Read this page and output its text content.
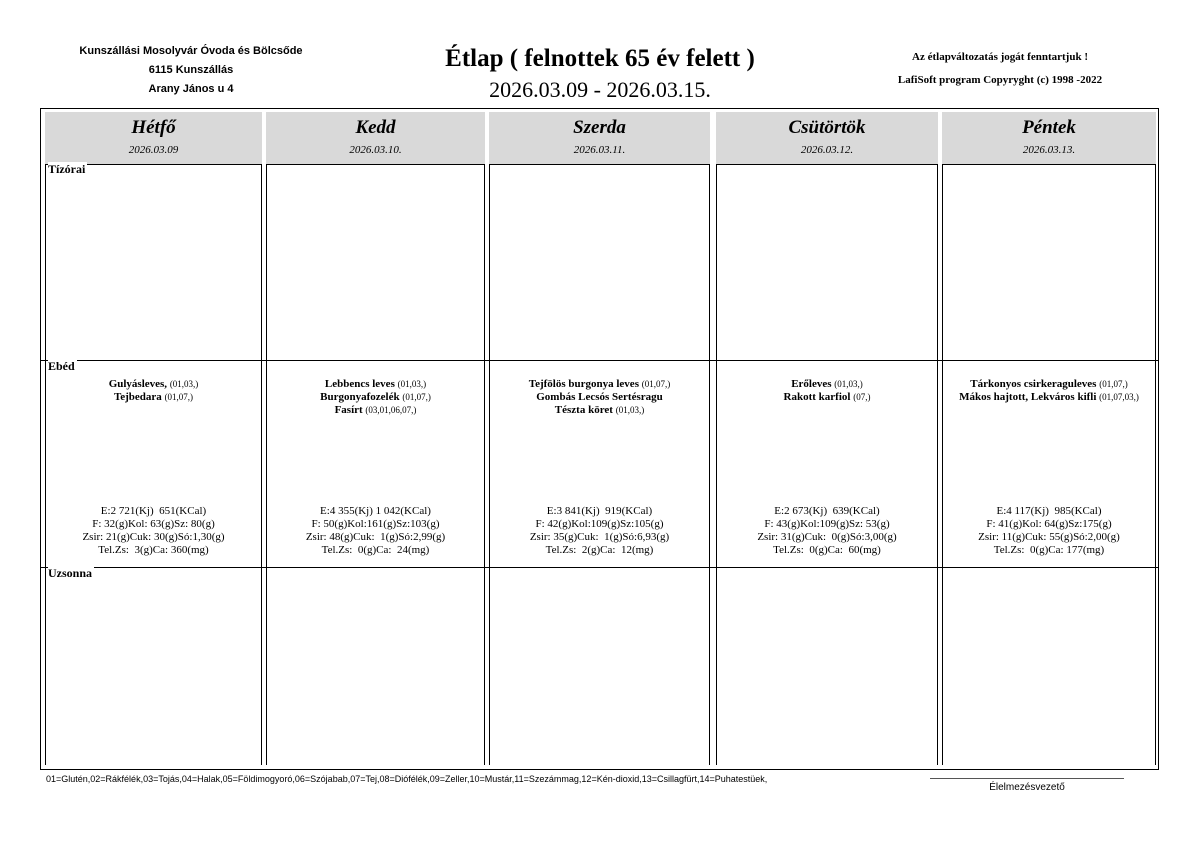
Kunszállási Mosolyvár Óvoda és Bölcsőde
6115 Kunszállás
Arany János u 4
Étlap ( felnottek 65 év felett )
2026.03.09 - 2026.03.15.
Az étlapváltozatás jogát fenntartjuk !
LafiSoft program Copyryght (c) 1998 -2022
Hétfő
2026.03.09
Gulyásleves, (01,03,)
Tejbedara (01,07,)
E:2 721(Kj)  651(KCal)
F: 32(g)Kol: 63(g)Sz: 80(g)
Zsir: 21(g)Cuk: 30(g)Só:1,30(g)
Tel.Zs:  3(g)Ca: 360(mg)
Kedd
2026.03.10.
Lebbencs leves (01,03,)
Burgonyafozelék (01,07,)
Fasírt (03,01,06,07,)
E:4 355(Kj) 1 042(KCal)
F: 50(g)Kol:161(g)Sz:103(g)
Zsir: 48(g)Cuk:  1(g)Só:2,99(g)
Tel.Zs:  0(g)Ca:  24(mg)
Szerda
2026.03.11.
Tejfölös burgonya leves (01,07,)
Gombás Lecsós Sertésragu
Tészta köret (01,03,)
E:3 841(Kj)  919(KCal)
F: 42(g)Kol:109(g)Sz:105(g)
Zsir: 35(g)Cuk:  1(g)Só:6,93(g)
Tel.Zs:  2(g)Ca:  12(mg)
Csütörtök
2026.03.12.
Erőleves (01,03,)
Rakott karfiol (07,)
E:2 673(Kj)  639(KCal)
F: 43(g)Kol:109(g)Sz: 53(g)
Zsir: 31(g)Cuk:  0(g)Só:3,00(g)
Tel.Zs:  0(g)Ca:  60(mg)
Péntek
2026.03.13.
Tárkonyos csirkeraguleves (01,07,)
Mákos hajtott, Lekváros kifli (01,07,03,)
E:4 117(Kj)  985(KCal)
F: 41(g)Kol: 64(g)Sz:175(g)
Zsir: 11(g)Cuk: 55(g)Só:2,00(g)
Tel.Zs:  0(g)Ca: 177(mg)
Tízórai
Ebéd
Uzsonna
01=Glutén,02=Rákfélék,03=Tojás,04=Halak,05=Földimogyoró,06=Szójabab,07=Tej,08=Diófélék,09=Zeller,10=Mustár,11=Szezámmag,12=Kén-dioxid,13=Csillagfürt,14=Puhatestüek,
Élelmezésvezető
